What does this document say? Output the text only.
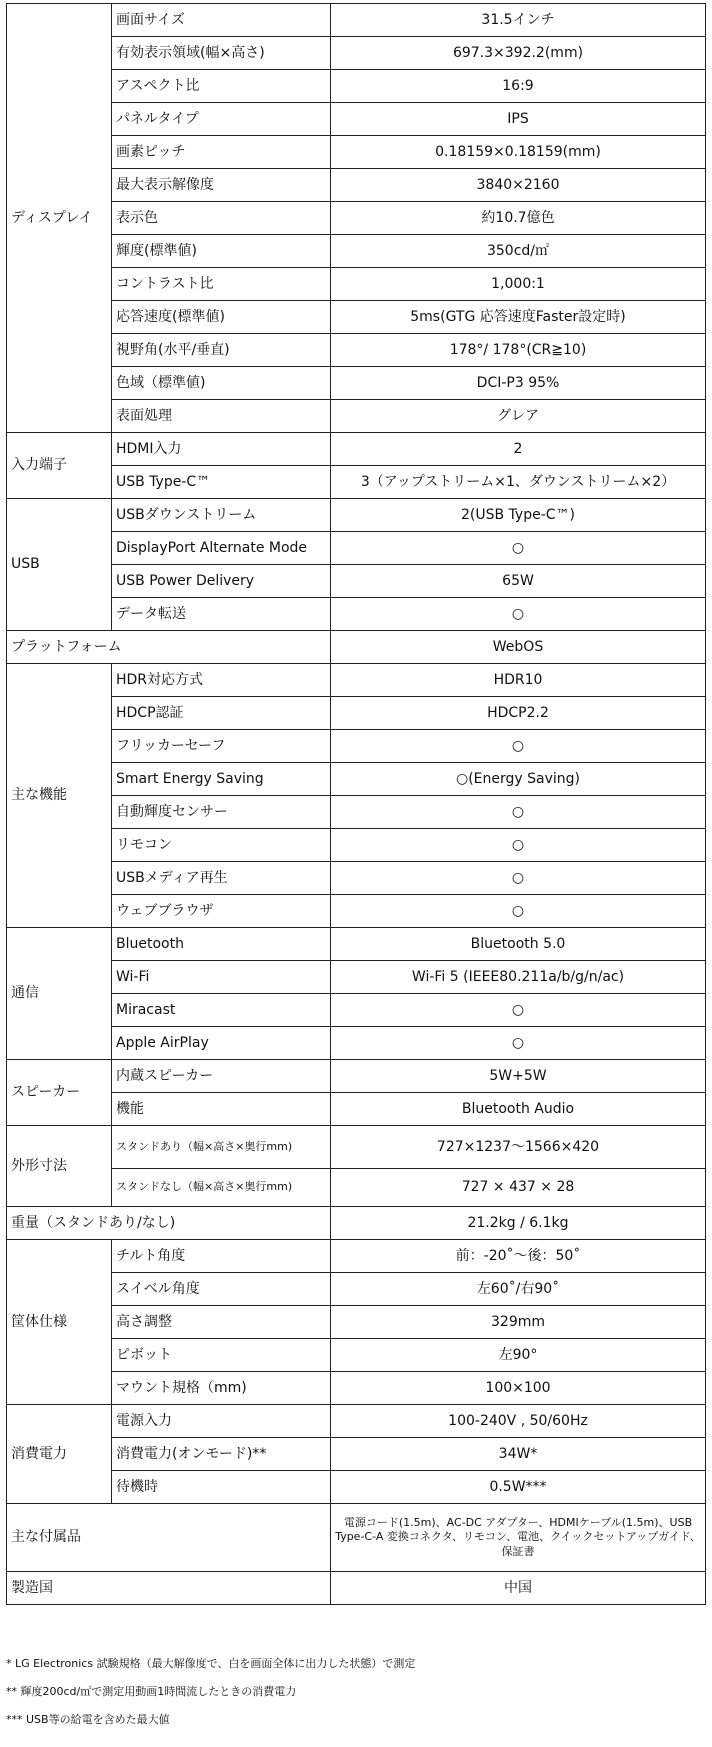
ディスプレイ	画面サイズ	31.5インチ
	有効表示領域(幅×高さ)	697.3×392.2(mm)
	アスペクト比	16:9
	パネルタイプ	IPS
	画素ピッチ	0.18159×0.18159(mm)
	最大表示解像度	3840×2160
	表示色	約10.7億色
	輝度(標準値)	350cd/㎡
	コントラスト比	1,000:1
	応答速度(標準値)	5ms(GTG 応答速度Faster設定時)
	視野角(水平/垂直)	178°/ 178°(CR≧10)
	色域（標準値)	DCI-P3 95%
	表面処理	グレア
入力端子	HDMI入力	2
	USB Type-C™	3（アップストリーム×1、ダウンストリーム×2）
USB	USBダウンストリーム	2(USB Type-C™)
	DisplayPort Alternate Mode	○
	USB Power Delivery	65W
	データ転送	○
プラットフォーム		WebOS
主な機能	HDR対応方式	HDR10
	HDCP認証	HDCP2.2
	フリッカーセーフ	○
	Smart Energy Saving	○(Energy Saving)
	自動輝度センサー	○
	リモコン	○
	USBメディア再生	○
	ウェブブラウザ	○
通信	Bluetooth	Bluetooth 5.0
	Wi-Fi	Wi-Fi 5 (IEEE80.211a/b/g/n/ac)
	Miracast	○
	Apple AirPlay	○
スピーカー	内蔵スピーカー	5W+5W
	機能	Bluetooth Audio
外形寸法	スタンドあり（幅×高さ×奥行mm)	727×1237〜1566×420
	スタンドなし（幅×高さ×奥行mm)	727 × 437 × 28
重量（スタンドあり/なし)		21.2kg / 6.1kg
筐体仕様	チルト角度	前：-20˚〜後：50˚
	スイベル角度	左60˚/右90˚
	高さ調整	329mm
	ピボット	左90°
	マウント規格（mm)	100×100
消費電力	電源入力	100-240V , 50/60Hz
	消費電力(オンモード)**	34W*
	待機時	0.5W***
主な付属品		電源コード(1.5m)、AC-DC アダプター、HDMIケーブル(1.5m)、USB Type-C-A 変換コネクタ、リモコン、電池、クイックセットアップガイド、保証書
製造国		中国
* LG Electronics 試験規格（最大解像度で、白を画面全体に出力した状態）で測定
** 輝度200cd/㎡で測定用動画1時間流したときの消費電力
*** USB等の給電を含めた最大値
